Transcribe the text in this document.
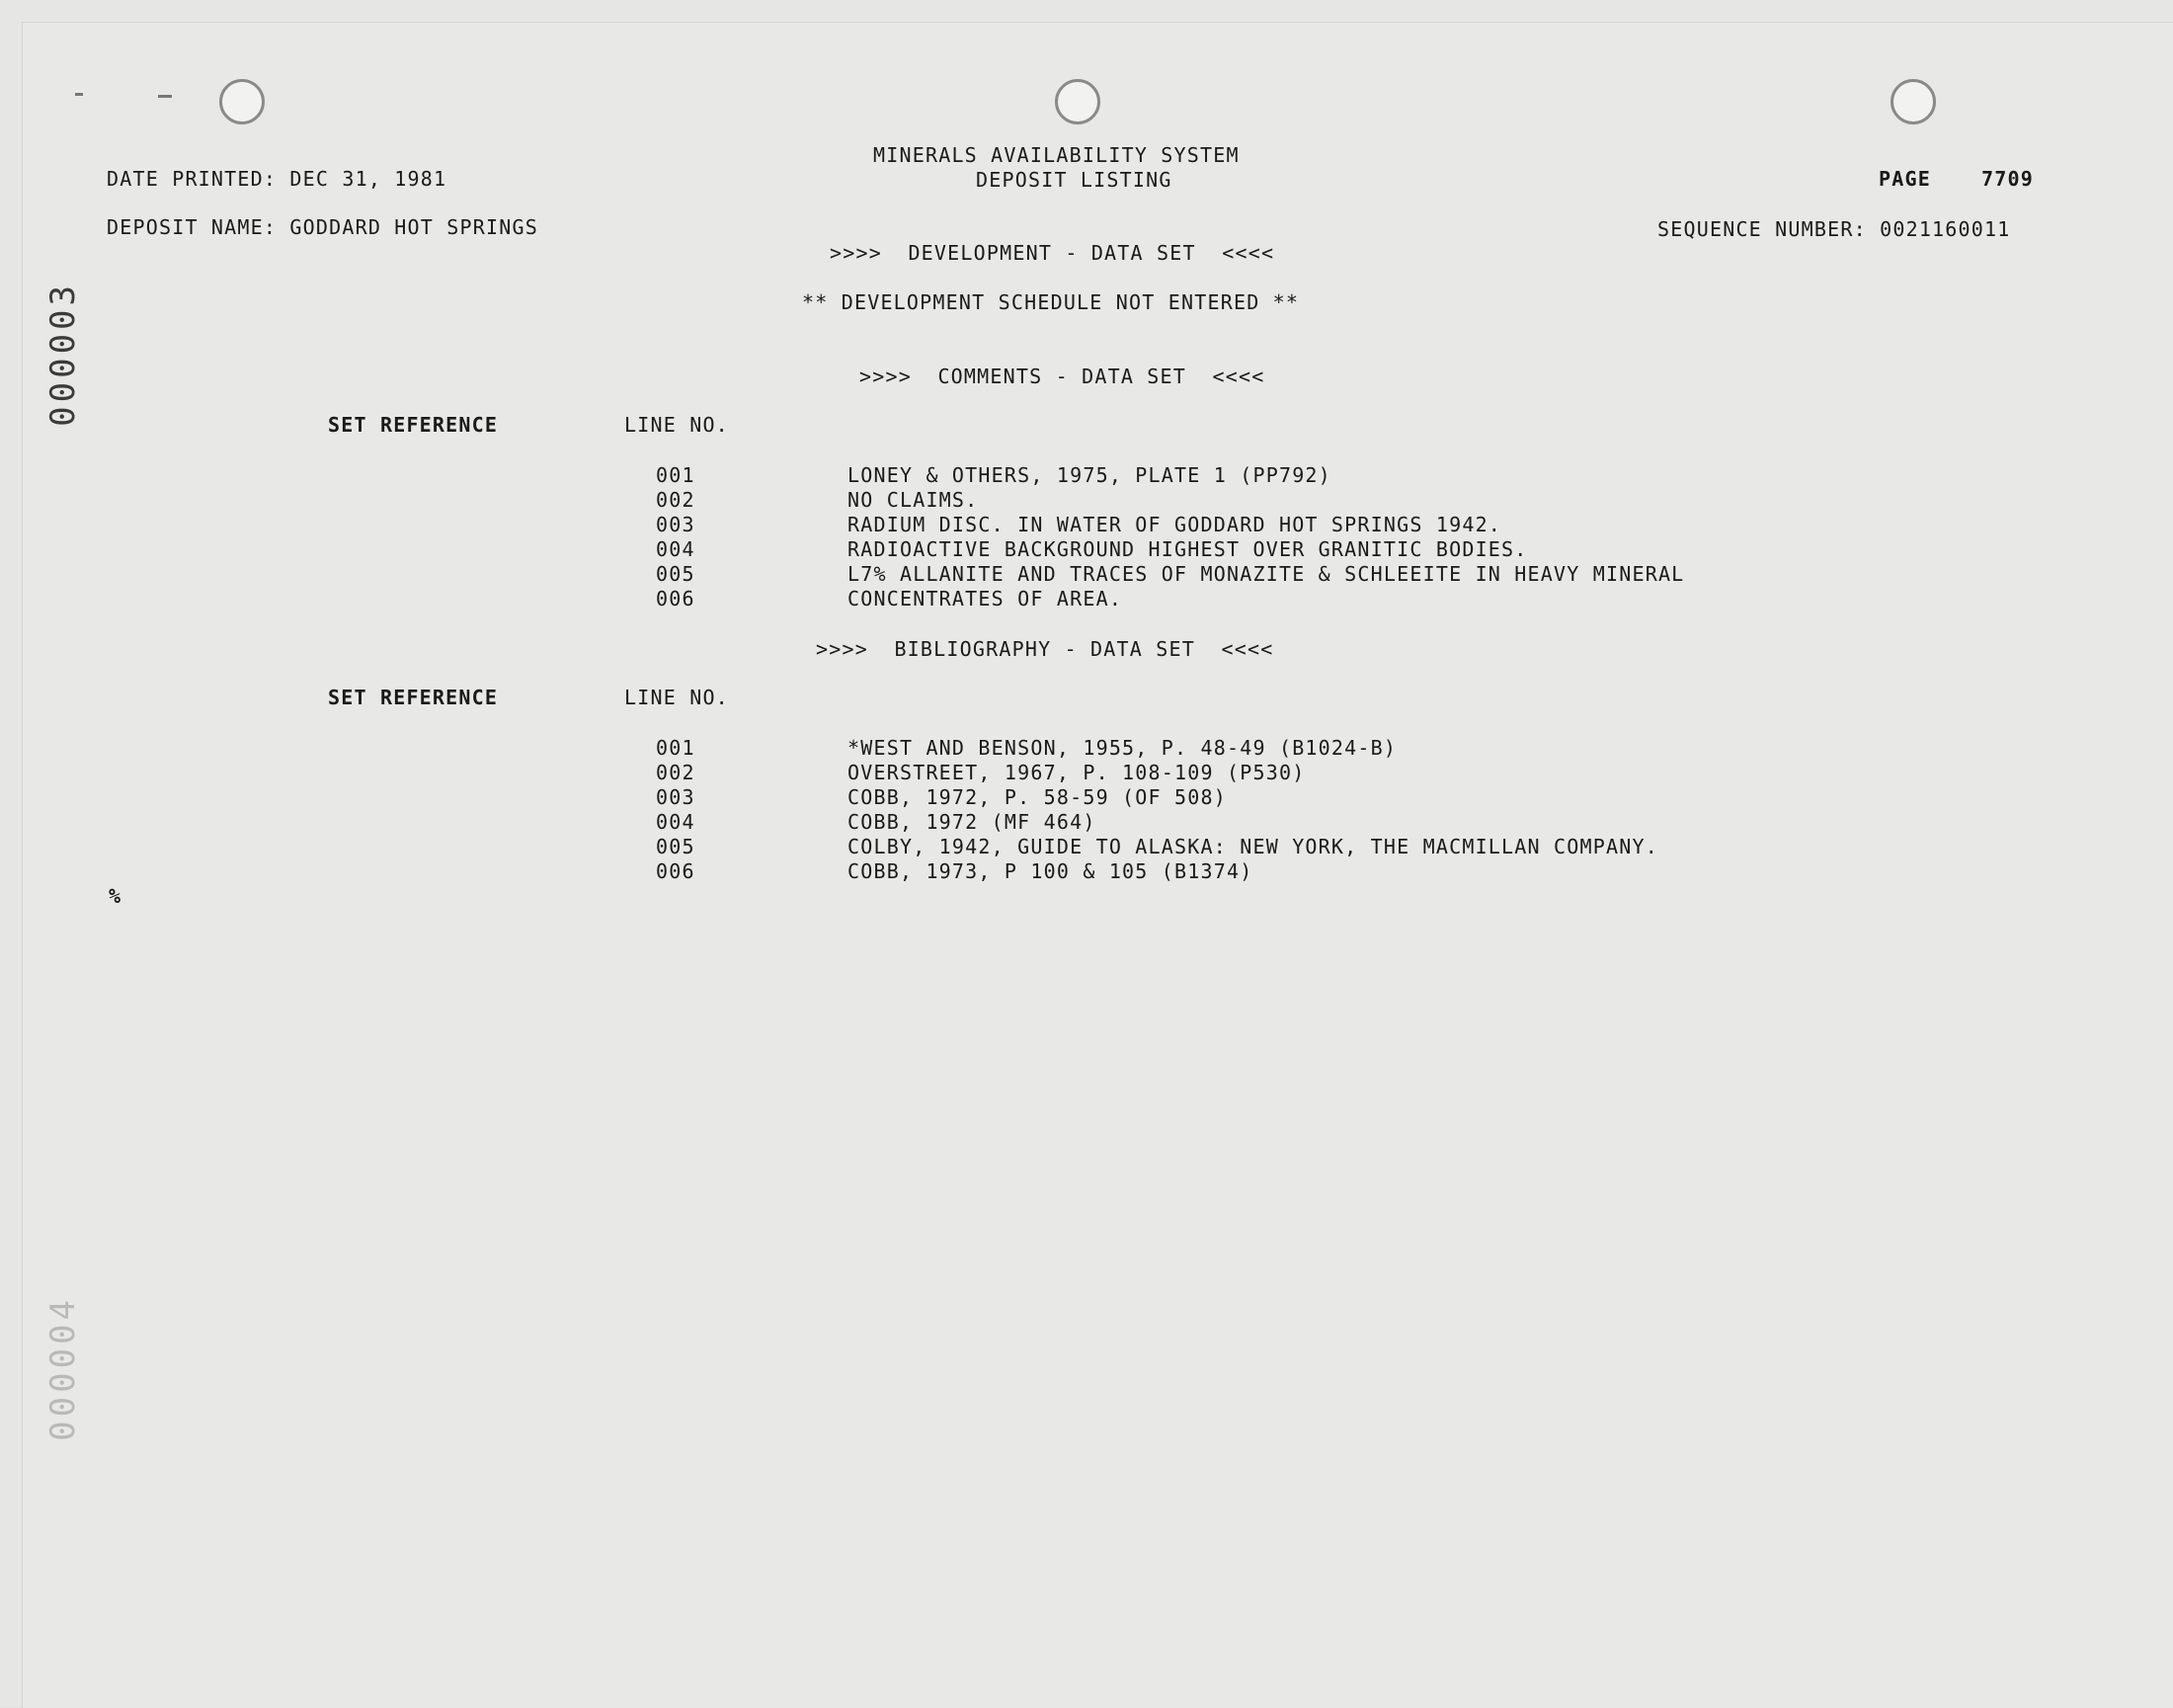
000003
000004
MINERALS AVAILABILITY SYSTEM
DEPOSIT LISTING
DATE PRINTED: DEC 31, 1981
DEPOSIT NAME: GODDARD HOT SPRINGS
PAGE	7709
SEQUENCE NUMBER: 0021160011
>>>>  DEVELOPMENT - DATA SET  <<<<
** DEVELOPMENT SCHEDULE NOT ENTERED **
>>>>  COMMENTS - DATA SET  <<<<
SET REFERENCE	LINE NO.
001	LONEY & OTHERS, 1975, PLATE 1 (PP792)
002	NO CLAIMS.
003	RADIUM DISC. IN WATER OF GODDARD HOT SPRINGS 1942.
004	RADIOACTIVE BACKGROUND HIGHEST OVER GRANITIC BODIES.
005	L7% ALLANITE AND TRACES OF MONAZITE & SCHLEEITE IN HEAVY MINERAL
006	CONCENTRATES OF AREA.
>>>>  BIBLIOGRAPHY - DATA SET  <<<<
SET REFERENCE	LINE NO.
001	*WEST AND BENSON, 1955, P. 48-49 (B1024-B)
002	OVERSTREET, 1967, P. 108-109 (P530)
003	COBB, 1972, P. 58-59 (OF 508)
004	COBB, 1972 (MF 464)
005	COLBY, 1942, GUIDE TO ALASKA: NEW YORK, THE MACMILLAN COMPANY.
006	COBB, 1973, P 100 & 105 (B1374)
%
